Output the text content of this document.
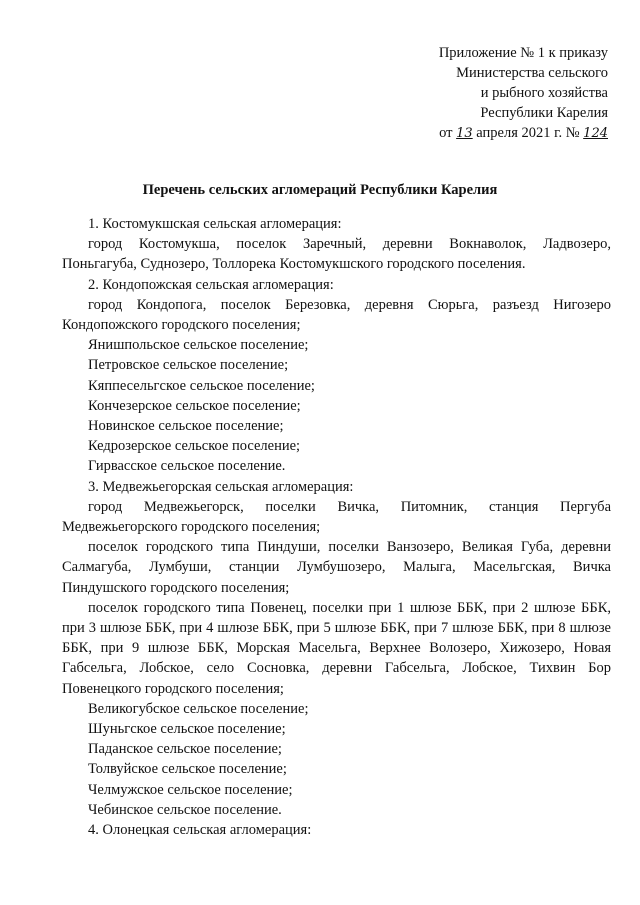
Приложение № 1 к приказу
Министерства сельского
и рыбного хозяйства
Республики Карелия
от 13 апреля 2021 г. № 124
Перечень сельских агломераций Республики Карелия

1. Костомукшская сельская агломерация:

город Костомукша, поселок Заречный, деревни Вокнаволок, Ладвозеро, Поньгагуба, Суднозеро, Толлорека Костомукшского городского поселения.

2. Кондопожская сельская агломерация:

город Кондопога, поселок Березовка, деревня Сюрьга, разъезд Нигозеро Кондопожского городского поселения;

Янишпольское сельское поселение;

Петровское сельское поселение;

Кяппесельгское сельское поселение;

Кончезерское сельское поселение;

Новинское сельское поселение;

Кедрозерское сельское поселение;

Гирвасское сельское поселение.

3. Медвежьегорская сельская агломерация:

город Медвежьегорск, поселки Вичка, Питомник, станция Пергуба Медвежьегорского городского поселения;

поселок городского типа Пиндуши, поселки Ванзозеро, Великая Губа, деревни Салмагуба, Лумбуши, станции Лумбушозеро, Малыга, Масельгская, Вичка Пиндушского городского поселения;

поселок городского типа Повенец, поселки при 1 шлюзе ББК, при 2 шлюзе ББК, при 3 шлюзе ББК, при 4 шлюзе ББК, при 5 шлюзе ББК, при 7 шлюзе ББК, при 8 шлюзе ББК, при 9 шлюзе ББК, Морская Масельга, Верхнее Волозеро, Хижозеро, Новая Габсельга, Лобское, село Сосновка, деревни Габсельга, Лобское, Тихвин Бор Повенецкого городского поселения;

Великогубское сельское поселение;

Шуньгское сельское поселение;

Паданское сельское поселение;

Толвуйское сельское поселение;

Челмужское сельское поселение;

Чебинское сельское поселение.

4. Олонецкая сельская агломерация:
